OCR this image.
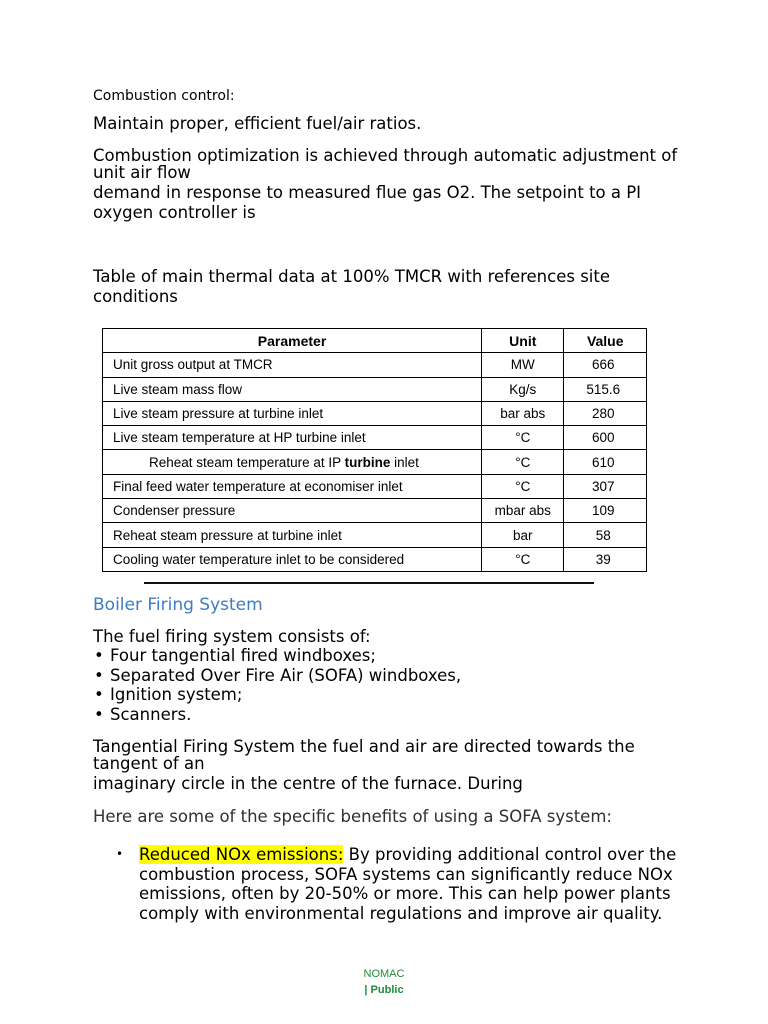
Combustion control:

Maintain proper, efficient fuel/air ratios.

Combustion optimization is achieved through automatic adjustment of
unit air flow
demand in response to measured flue gas O2. The setpoint to a PI
oxygen controller is

Table of main thermal data at 100% TMCR with references site
conditions

Parameter	Unit	Value
Unit gross output at TMCR	MW	666
Live steam mass flow	Kg/s	515.6
Live steam pressure at turbine inlet	bar abs	280
Live steam temperature at HP turbine inlet	°C	600
Reheat steam temperature at IP turbine inlet	°C	610
Final feed water temperature at economiser inlet	°C	307
Condenser pressure	mbar abs	109
Reheat steam pressure at turbine inlet	bar	58
Cooling water temperature inlet to be considered	°C	39
Boiler Firing System

The fuel firing system consists of:

• Four tangential fired windboxes;
• Separated Over Fire Air (SOFA) windboxes,
• Ignition system;
• Scanners.

Tangential Firing System the fuel and air are directed towards the
tangent of an
imaginary circle in the centre of the furnace. During

Here are some of the specific benefits of using a SOFA system:

• Reduced NOx emissions: By providing additional control over the
combustion process, SOFA systems can significantly reduce NOx
emissions, often by 20-50% or more. This can help power plants
comply with environmental regulations and improve air quality.
NOMAC
| Public
